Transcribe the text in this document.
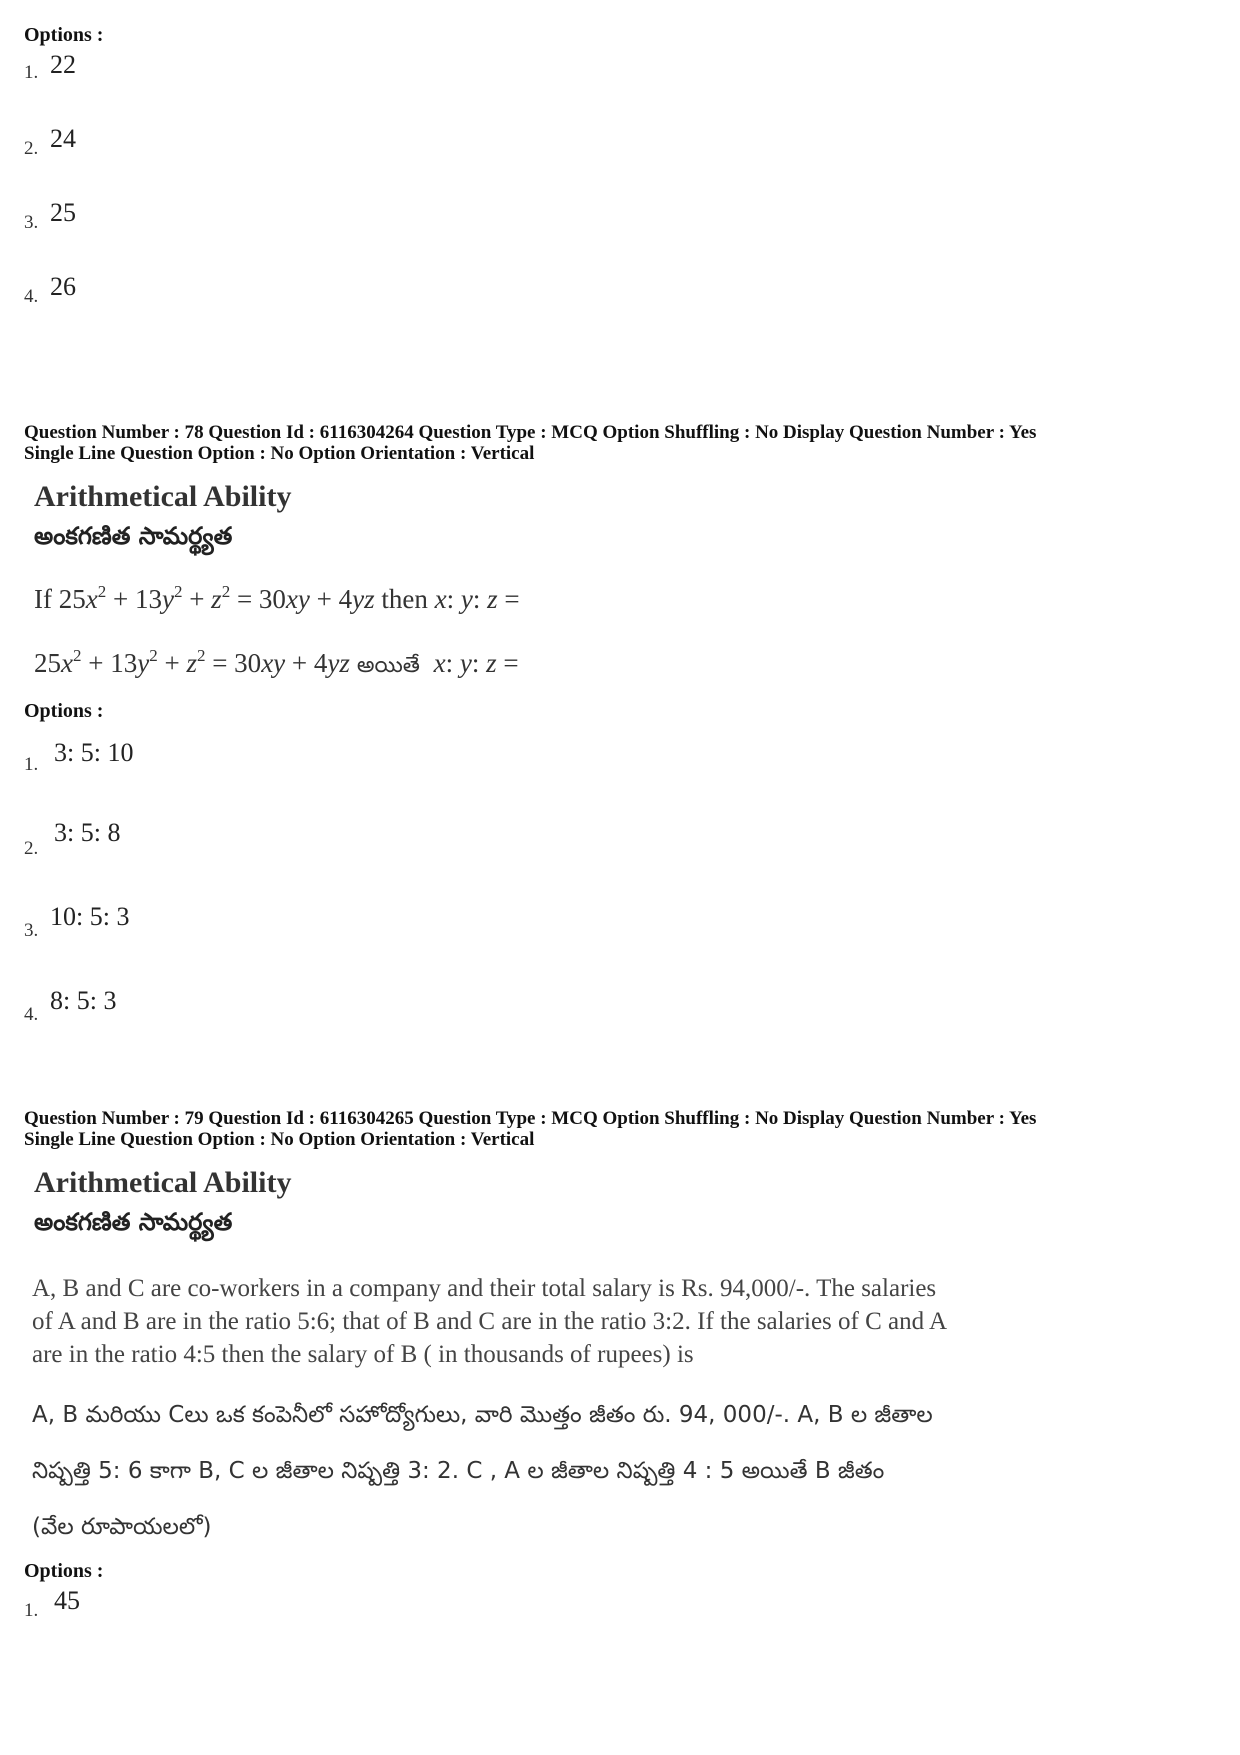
Options :
1. 22
2. 24
3. 25
4. 26
Question Number : 78 Question Id : 6116304264 Question Type : MCQ Option Shuffling : No Display Question Number : Yes
Single Line Question Option : No Option Orientation : Vertical
Arithmetical Ability
అంకగణిత సామర్థ్యత
If $25x^2 + 13y^2 + z^2 = 30xy + 4yz$ then x: y: z =
$25x^2 + 13y^2 + z^2 = 30xy + 4yz$ అయితే  x: y: z =
Options :
1. 3: 5: 10
2.
3: 5: 8
3. 10: 5: 3
4. 8: 5: 3
Question Number : 79 Question Id : 6116304265 Question Type : MCQ Option Shuffling : No Display Question Number : Yes
Single Line Question Option : No Option Orientation : Vertical
Arithmetical Ability
అంకగణిత సామర్థ్యత
A, B and C are co-workers in a company and their total salary is Rs. 94,000/-. The salaries
of A and B are in the ratio 5:6; that of B and C are in the ratio 3:2. If the salaries of C and A
are in the ratio 4:5 then the salary of B ( in thousands of rupees) is
A, B మరియు Cలు ఒక కంపెనీలో సహోద్యోగులు, వారి మొత్తం జీతం రు. 94, 000/-. A, B ల జీతాల
నిష్పత్తి 5: 6 కాగా B, C ల జీతాల నిష్పత్తి 3: 2. C , A ల జీతాల నిష్పత్తి 4 : 5 అయితే B జీతం
(వేల రూపాయలలో)
Options :
1. 45
